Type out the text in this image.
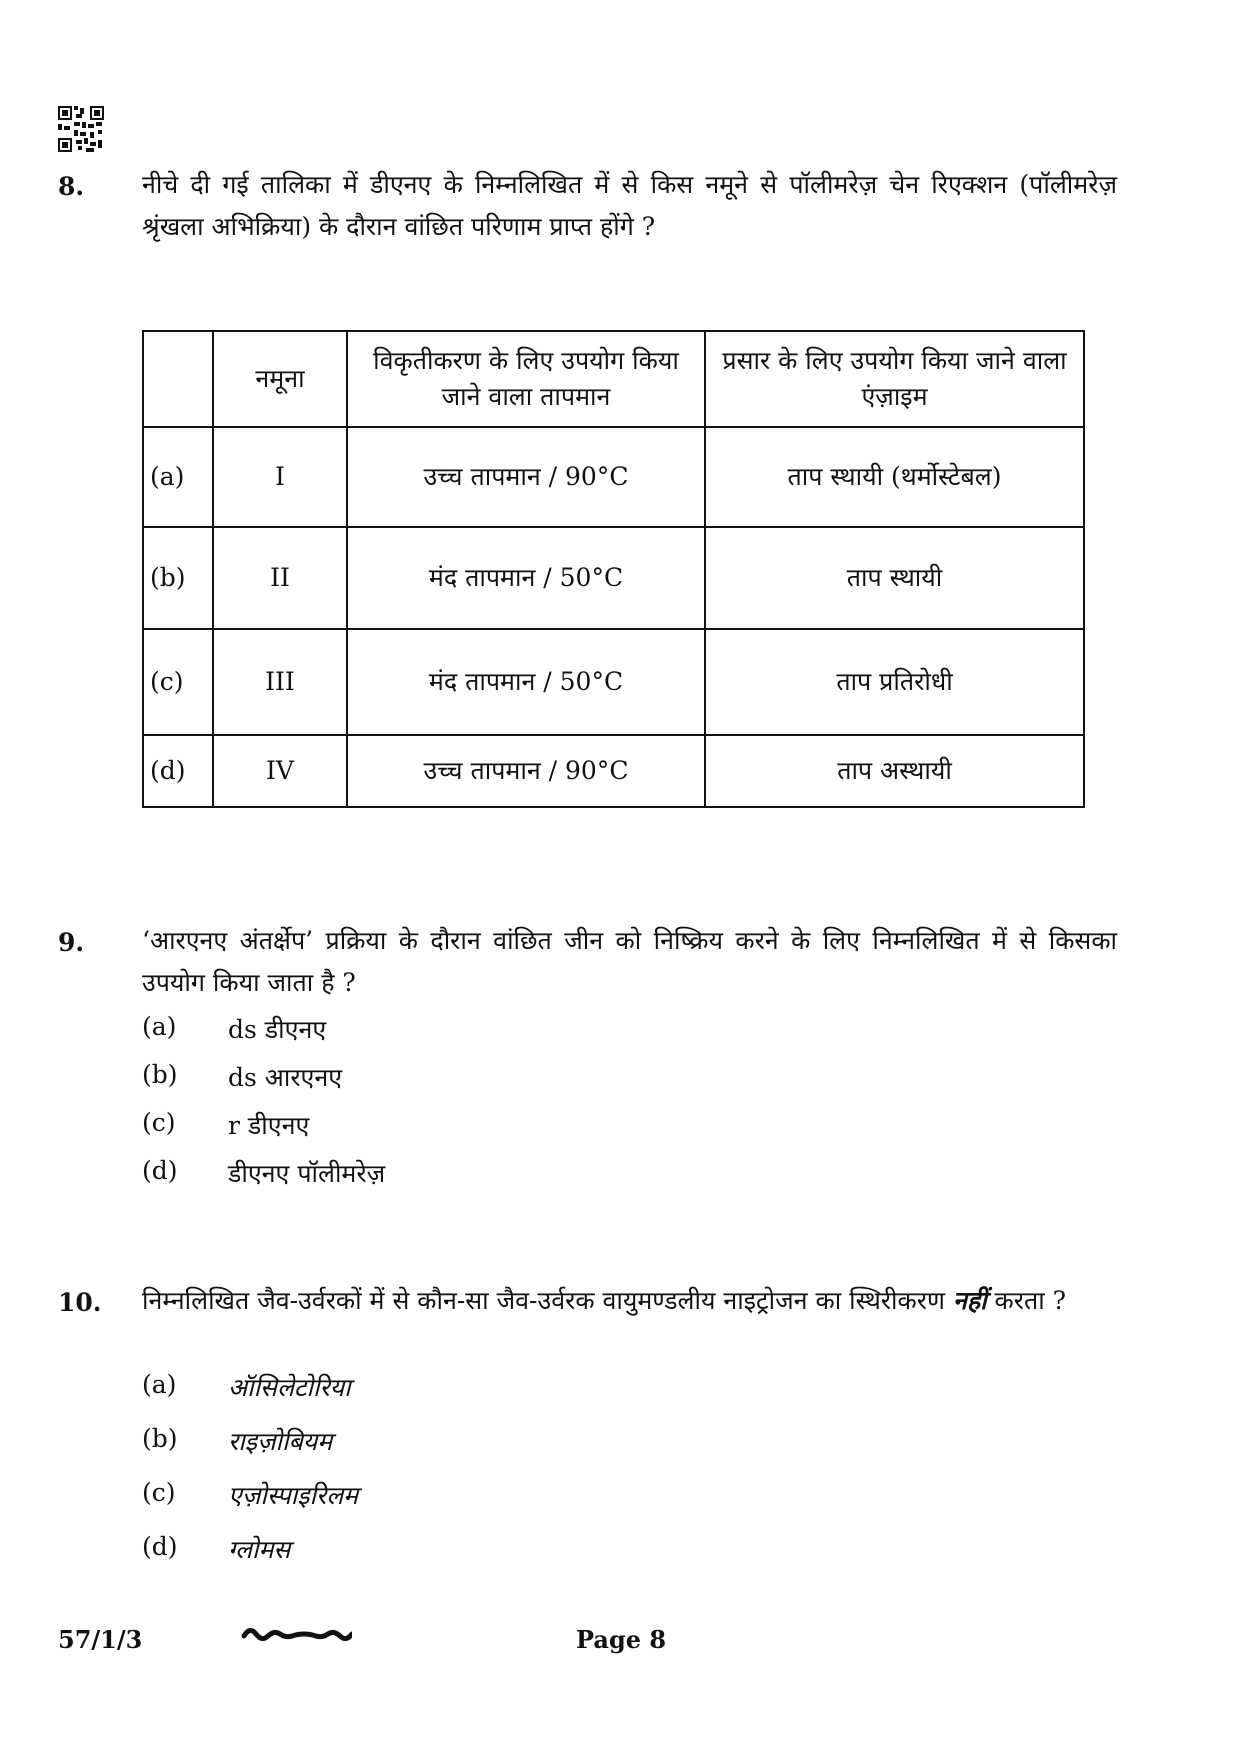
8. नीचे दी गई तालिका में डीएनए के निम्नलिखित में से किस नमूने से पॉलीमरेज़ चेन रिएक्शन (पॉलीमरेज़ श्रृंखला अभिक्रिया) के दौरान वांछित परिणाम प्राप्त होंगे ?
	नमूना	विकृतीकरण के लिए उपयोग किया जाने वाला तापमान	प्रसार के लिए उपयोग किया जाने वाला एंज़ाइम
(a)	I	उच्च तापमान / 90°C	ताप स्थायी (थर्मोस्टेबल)
(b)	II	मंद तापमान / 50°C	ताप स्थायी
(c)	III	मंद तापमान / 50°C	ताप प्रतिरोधी
(d)	IV	उच्च तापमान / 90°C	ताप अस्थायी
9. ‘आरएनए अंतर्क्षेप’ प्रक्रिया के दौरान वांछित जीन को निष्क्रिय करने के लिए निम्नलिखित में से किसका उपयोग किया जाता है ?
(a) ds डीएनए
(b) ds आरएनए
(c) r डीएनए
(d) डीएनए पॉलीमरेज़
10. निम्नलिखित जैव-उर्वरकों में से कौन-सा जैव-उर्वरक वायुमण्डलीय नाइट्रोजन का स्थिरीकरण नहीं करता ?
(a) ऑसिलेटोरिया
(b) राइज़ोबियम
(c) एज़ोस्पाइरिलम
(d) ग्लोमस
57/1/3	Page 8
